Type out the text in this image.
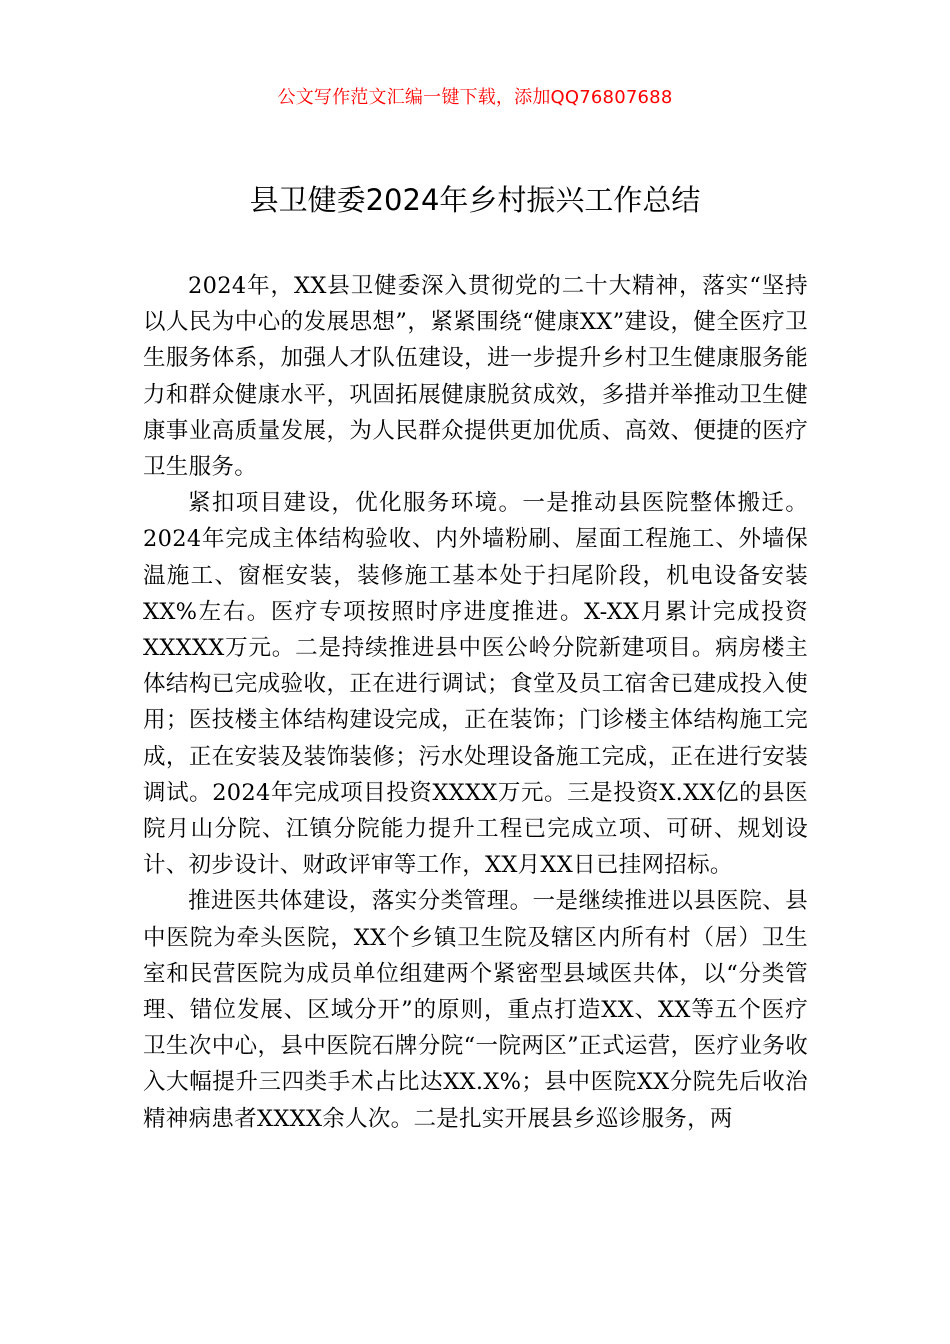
公文写作范文汇编一键下载，添加QQ76807688
县卫健委2024年乡村振兴工作总结

2024年，XX县卫健委深入贯彻党的二十大精神，落实“坚持以人民为中心的发展思想”，紧紧围绕“健康XX”建设，健全医疗卫生服务体系，加强人才队伍建设，进一步提升乡村卫生健康服务能力和群众健康水平，巩固拓展健康脱贫成效，多措并举推动卫生健康事业高质量发展，为人民群众提供更加优质、高效、便捷的医疗卫生服务。

紧扣项目建设，优化服务环境。一是推动县医院整体搬迁。2024年完成主体结构验收、内外墙粉刷、屋面工程施工、外墙保温施工、窗框安装，装修施工基本处于扫尾阶段，机电设备安装XX%左右。医疗专项按照时序进度推进。X-XX月累计完成投资XXXXX万元。二是持续推进县中医公岭分院新建项目。病房楼主体结构已完成验收，正在进行调试；食堂及员工宿舍已建成投入使用；医技楼主体结构建设完成，正在装饰；门诊楼主体结构施工完成，正在安装及装饰装修；污水处理设备施工完成，正在进行安装调试。2024年完成项目投资XXXX万元。三是投资X.XX亿的县医院月山分院、江镇分院能力提升工程已完成立项、可研、规划设计、初步设计、财政评审等工作，XX月XX日已挂网招标。

推进医共体建设，落实分类管理。一是继续推进以县医院、县中医院为牵头医院，XX个乡镇卫生院及辖区内所有村（居）卫生室和民营医院为成员单位组建两个紧密型县域医共体，以“分类管理、错位发展、区域分开”的原则，重点打造XX、XX等五个医疗卫生次中心，县中医院石牌分院“一院两区”正式运营，医疗业务收入大幅提升三四类手术占比达XX.X%；县中医院XX分院先后收治精神病患者XXXX余人次。二是扎实开展县乡巡诊服务，两
